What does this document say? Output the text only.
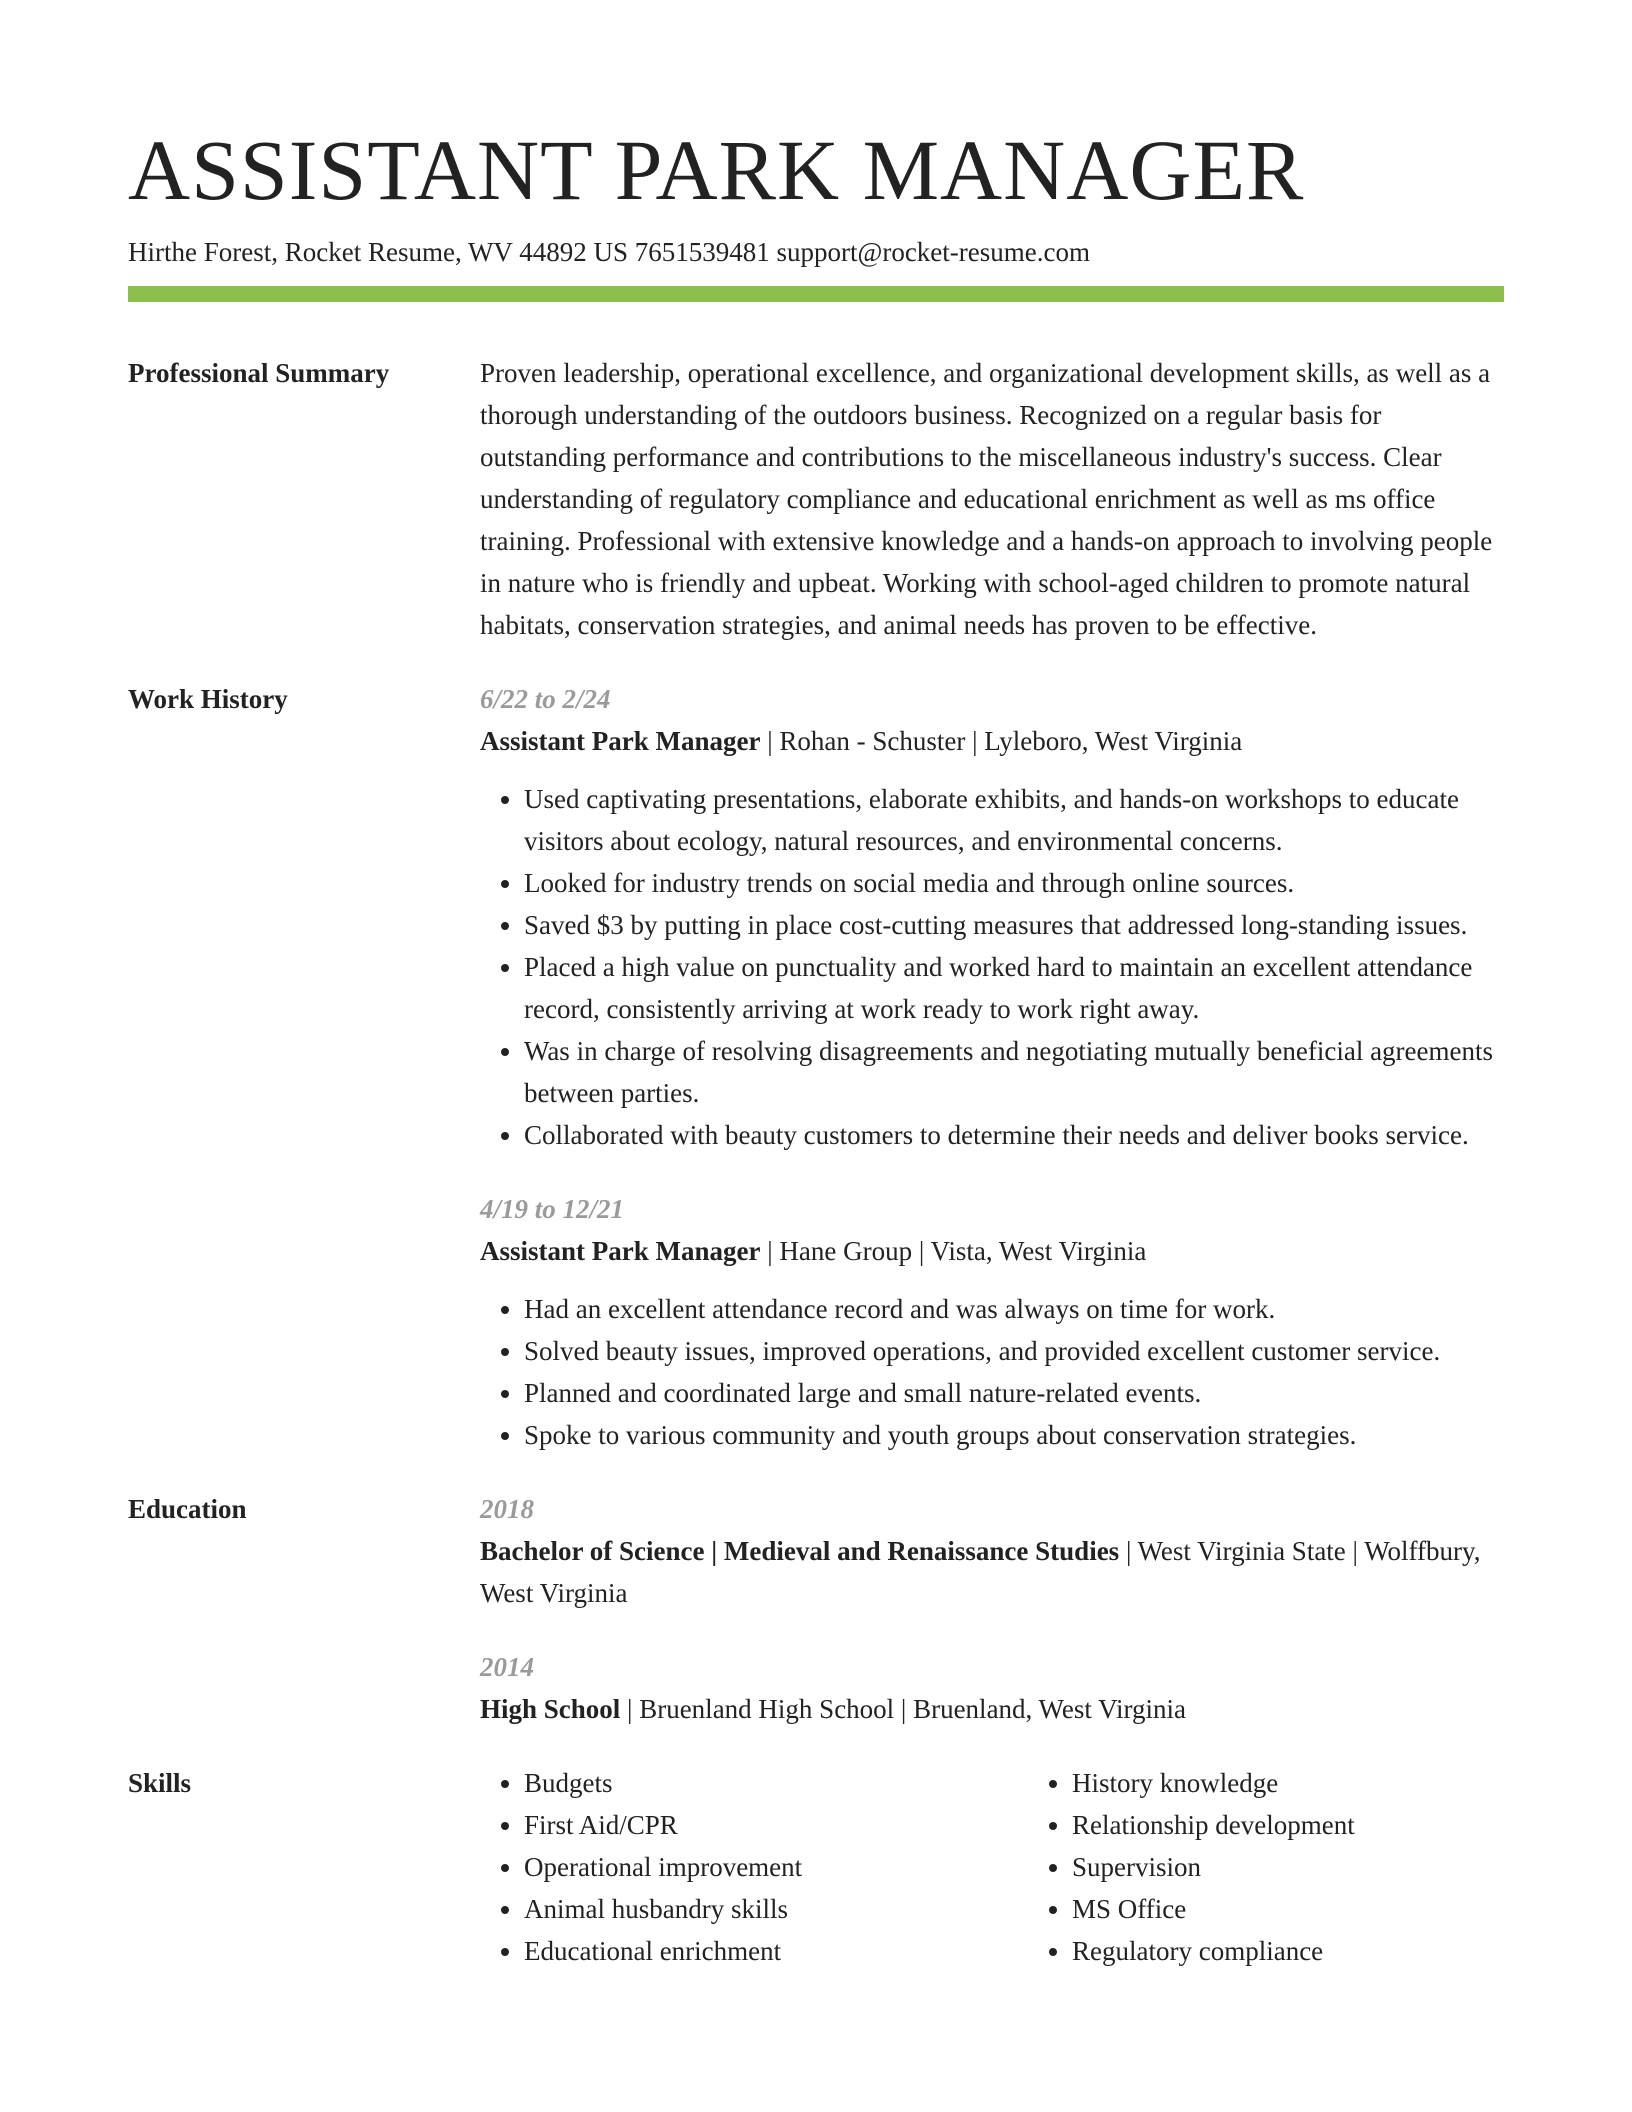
ASSISTANT PARK MANAGER
Hirthe Forest, Rocket Resume, WV 44892 US 7651539481 support@rocket-resume.com
Professional Summary	Proven leadership, operational excellence, and organizational development skills, as well as a thorough understanding of the outdoors business. Recognized on a regular basis for outstanding performance and contributions to the miscellaneous industry's success. Clear understanding of regulatory compliance and educational enrichment as well as ms office training. Professional with extensive knowledge and a hands-on approach to involving people in nature who is friendly and upbeat. Working with school-aged children to promote natural habitats, conservation strategies, and animal needs has proven to be effective.
Work History	6/22 to 2/24
Assistant Park Manager | Rohan - Schuster | Lyleboro, West Virginia
• Used captivating presentations, elaborate exhibits, and hands-on workshops to educate visitors about ecology, natural resources, and environmental concerns.
• Looked for industry trends on social media and through online sources.
• Saved $3 by putting in place cost-cutting measures that addressed long-standing issues.
• Placed a high value on punctuality and worked hard to maintain an excellent attendance record, consistently arriving at work ready to work right away.
• Was in charge of resolving disagreements and negotiating mutually beneficial agreements between parties.
• Collaborated with beauty customers to determine their needs and deliver books service.
4/19 to 12/21
Assistant Park Manager | Hane Group | Vista, West Virginia
• Had an excellent attendance record and was always on time for work.
• Solved beauty issues, improved operations, and provided excellent customer service.
• Planned and coordinated large and small nature-related events.
• Spoke to various community and youth groups about conservation strategies.
Education	2018
Bachelor of Science | Medieval and Renaissance Studies | West Virginia State | Wolffbury, West Virginia
2014
High School | Bruenland High School | Bruenland, West Virginia
Skills
•	Budgets
• First Aid/CPR
• Operational improvement
• Animal husbandry skills
• Educational enrichment
• History knowledge
• Relationship development
• Supervision
• MS Office
• Regulatory compliance
